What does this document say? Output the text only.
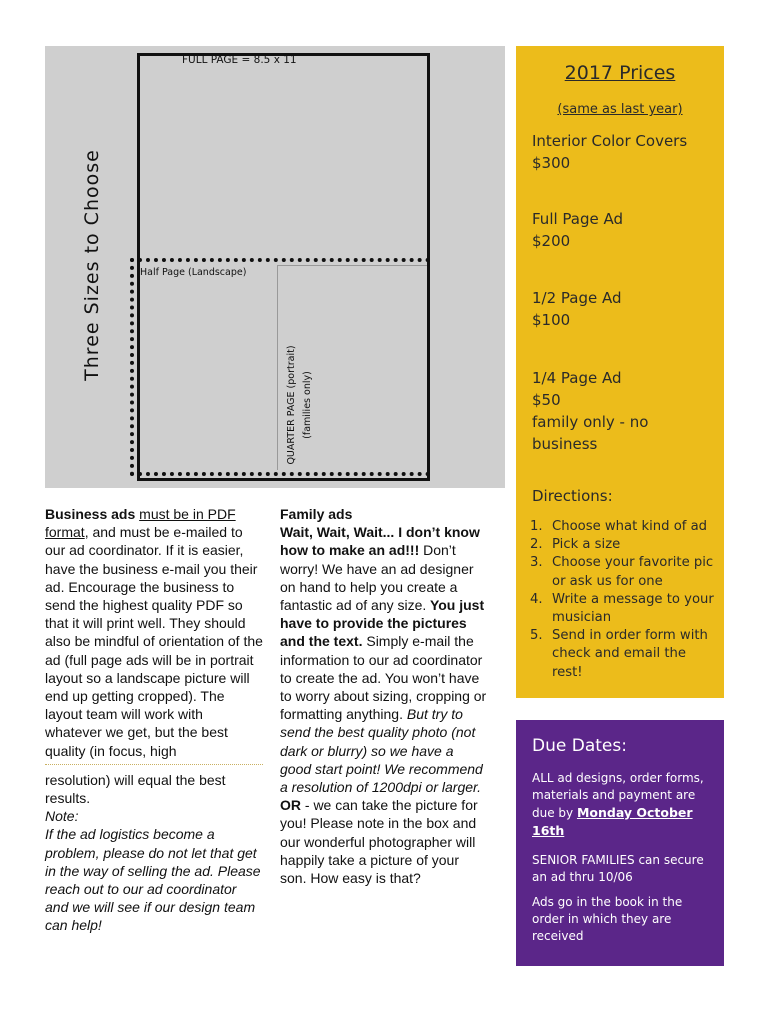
Three Sizes to Choose
FULL PAGE = 8.5 x 11
Half Page (Landscape)
QUARTER PAGE (portrait) (families only)
Business ads must be in PDF format, and must be e-mailed to our ad coordinator. If it is easier, have the business e-mail you their ad. Encourage the business to send the highest quality PDF so that it will print well. They should also be mindful of orientation of the ad (full page ads will be in portrait layout so a landscape picture will end up getting cropped). The layout team will work with whatever we get, but the best quality (in focus, high
resolution) will equal the best results.
Note:
If the ad logistics become a problem, please do not let that get in the way of selling the ad. Please reach out to our ad coordinator and we will see if our design team can help!
Family ads
Wait, Wait, Wait... I don’t know how to make an ad!!! Don’t worry! We have an ad designer on hand to help you create a fantastic ad of any size. You just have to provide the pictures and the text. Simply e-mail the information to our ad coordinator to create the ad. You won’t have to worry about sizing, cropping or formatting anything. But try to send the best quality photo (not dark or blurry) so we have a good start point! We recommend a resolution of 1200dpi or larger.
OR - we can take the picture for you! Please note in the box and our wonderful photographer will happily take a picture of your son. How easy is that?
2017 Prices
(same as last year)
Interior Color Covers
$300
Full Page Ad
$200
1/2 Page Ad
$100
1/4 Page Ad
$50
family only - no business
Directions:
1. Choose what kind of ad
2. Pick a size
3. Choose your favorite pic or ask us for one
4. Write a message to your musician
5. Send in order form with check and email the rest!
Due Dates:
ALL ad designs, order forms, materials and payment are due by Monday October 16th
SENIOR FAMILIES can secure an ad thru 10/06
Ads go in the book in the order in which they are received
